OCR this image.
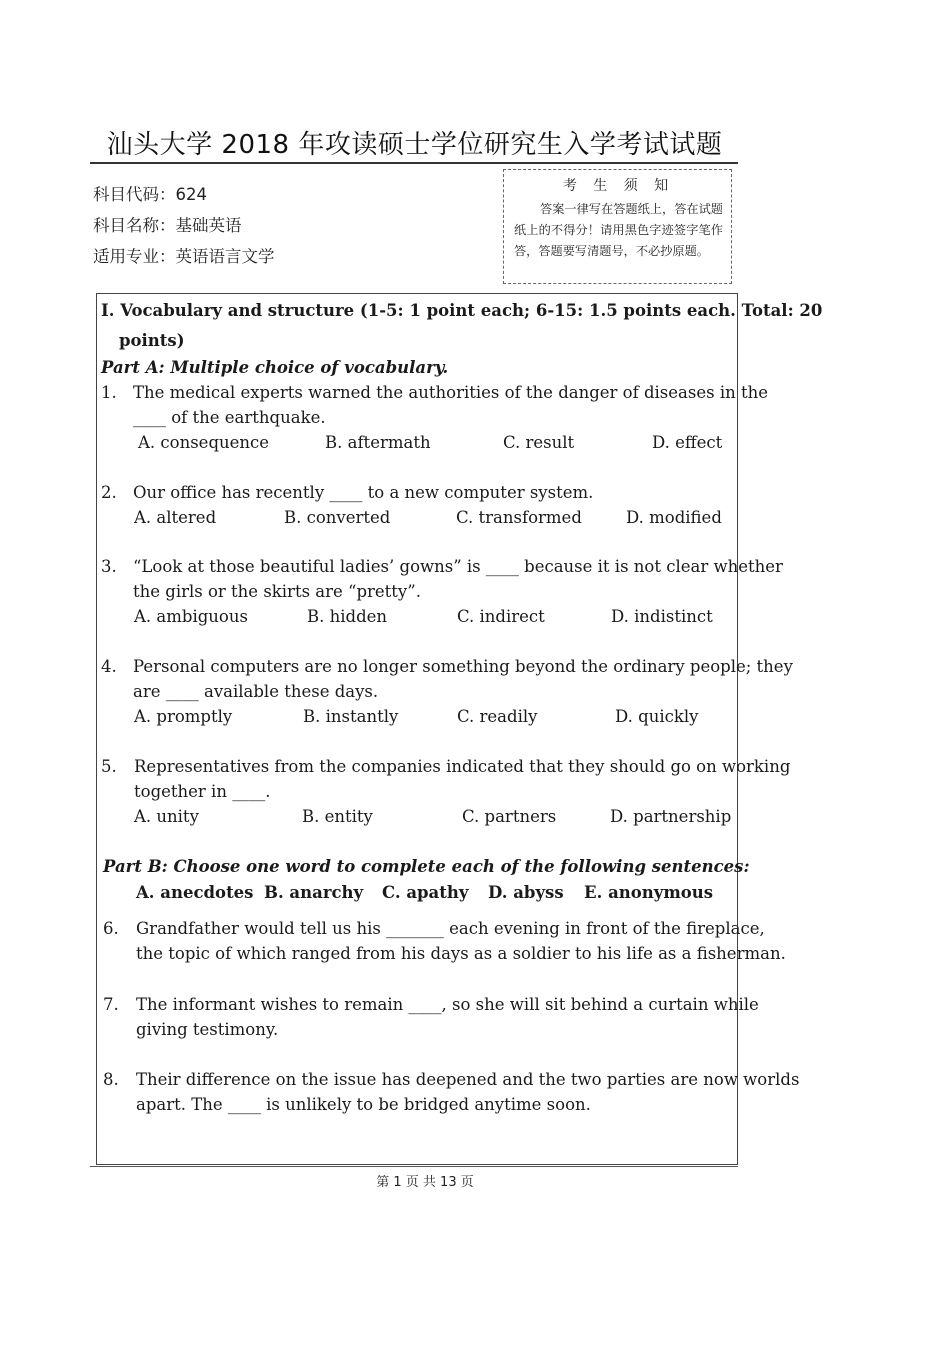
汕头大学 2018 年攻读硕士学位研究生入学考试试题
科目代码：624
科目名称：基础英语
适用专业：英语语言文学
考 生 须 知
答案一律写在答题纸上，答在试题纸上的不得分！请用黑色字迹签字笔作答，答题要写清题号，不必抄原题。
I. Vocabulary and structure (1-5: 1 point each; 6-15: 1.5 points each. Total: 20
points)
Part A: Multiple choice of vocabulary.
1. The medical experts warned the authorities of the danger of diseases in the
____ of the earthquake.
A. consequence	B. aftermath	C. result	D. effect
2. Our office has recently ____ to a new computer system.
A. altered	B. converted	C. transformed	D. modified
3. “Look at those beautiful ladies’ gowns” is ____ because it is not clear whether
the girls or the skirts are “pretty”.
A. ambiguous	B. hidden	C. indirect	D. indistinct
4. Personal computers are no longer something beyond the ordinary people; they
are ____ available these days.
A. promptly	B. instantly	C. readily	D. quickly
5. Representatives from the companies indicated that they should go on working
together in ____.
A. unity	B. entity	C. partners	D. partnership
Part B: Choose one word to complete each of the following sentences:
A. anecdotes B. anarchy C. apathy D. abyss E. anonymous
6. Grandfather would tell us his _______ each evening in front of the fireplace,
the topic of which ranged from his days as a soldier to his life as a fisherman.
7. The informant wishes to remain ____, so she will sit behind a curtain while
giving testimony.
8. Their difference on the issue has deepened and the two parties are now worlds
apart. The ____ is unlikely to be bridged anytime soon.
第 1 页 共 13 页
